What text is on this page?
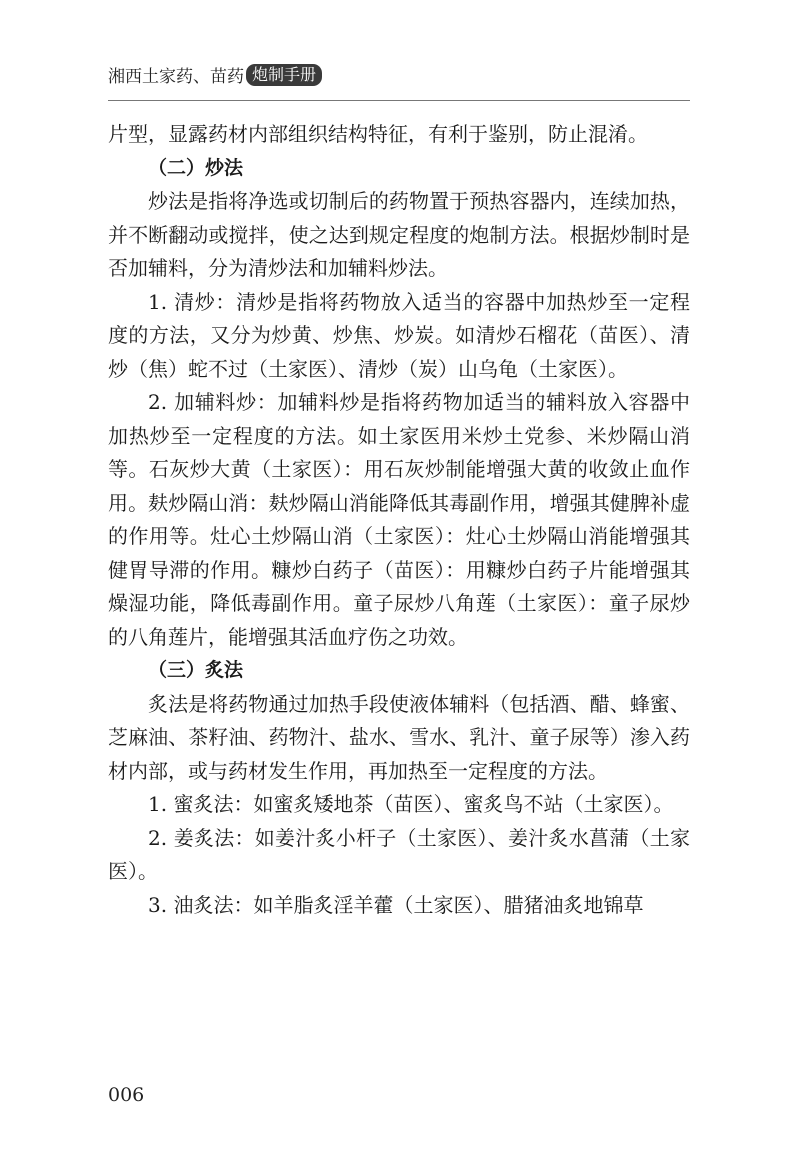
湘西土家药、苗药 炮制手册

片型，显露药材内部组织结构特征，有利于鉴别，防止混淆。

（二）炒法

炒法是指将净选或切制后的药物置于预热容器内，连续加热，并不断翻动或搅拌，使之达到规定程度的炮制方法。根据炒制时是否加辅料，分为清炒法和加辅料炒法。

1. 清炒：清炒是指将药物放入适当的容器中加热炒至一定程度的方法，又分为炒黄、炒焦、炒炭。如清炒石榴花（苗医）、清炒（焦）蛇不过（土家医）、清炒（炭）山乌龟（土家医）。

2. 加辅料炒：加辅料炒是指将药物加适当的辅料放入容器中加热炒至一定程度的方法。如土家医用米炒土党参、米炒隔山消等。石灰炒大黄（土家医）：用石灰炒制能增强大黄的收敛止血作用。麸炒隔山消：麸炒隔山消能降低其毒副作用，增强其健脾补虚的作用等。灶心土炒隔山消（土家医）：灶心土炒隔山消能增强其健胃导滞的作用。糠炒白药子（苗医）：用糠炒白药子片能增强其燥湿功能，降低毒副作用。童子尿炒八角莲（土家医）：童子尿炒的八角莲片，能增强其活血疗伤之功效。

（三）炙法

炙法是将药物通过加热手段使液体辅料（包括酒、醋、蜂蜜、芝麻油、茶籽油、药物汁、盐水、雪水、乳汁、童子尿等）渗入药材内部，或与药材发生作用，再加热至一定程度的方法。

1. 蜜炙法：如蜜炙矮地茶（苗医）、蜜炙鸟不站（土家医）。

2. 姜炙法：如姜汁炙小杆子（土家医）、姜汁炙水菖蒲（土家医）。

3. 油炙法：如羊脂炙淫羊藿（土家医）、腊猪油炙地锦草

006
